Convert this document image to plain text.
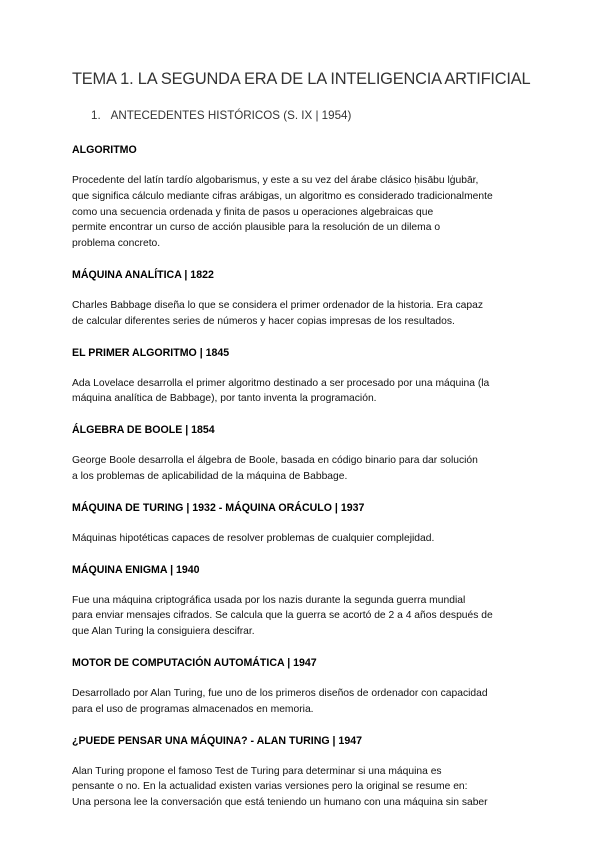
TEMA 1. LA SEGUNDA ERA DE LA INTELIGENCIA ARTIFICIAL
1. ANTECEDENTES HISTÓRICOS (S. IX | 1954)
ALGORITMO
Procedente del latín tardío algobarismus, y este a su vez del árabe clásico ḥisābu lġubār,
que significa cálculo mediante cifras arábigas, un algoritmo es considerado tradicionalmente
como una secuencia ordenada y finita de pasos u operaciones algebraicas que
permite encontrar un curso de acción plausible para la resolución de un dilema o
problema concreto.
MÁQUINA ANALÍTICA | 1822
Charles Babbage diseña lo que se considera el primer ordenador de la historia. Era capaz
de calcular diferentes series de números y hacer copias impresas de los resultados.
EL PRIMER ALGORITMO | 1845
Ada Lovelace desarrolla el primer algoritmo destinado a ser procesado por una máquina (la
máquina analítica de Babbage), por tanto inventa la programación.
ÁLGEBRA DE BOOLE | 1854
George Boole desarrolla el álgebra de Boole, basada en código binario para dar solución
a los problemas de aplicabilidad de la máquina de Babbage.
MÁQUINA DE TURING | 1932 - MÁQUINA ORÁCULO | 1937
Máquinas hipotéticas capaces de resolver problemas de cualquier complejidad.
MÁQUINA ENIGMA | 1940
Fue una máquina criptográfica usada por los nazis durante la segunda guerra mundial
para enviar mensajes cifrados. Se calcula que la guerra se acortó de 2 a 4 años después de
que Alan Turing la consiguiera descifrar.
MOTOR DE COMPUTACIÓN AUTOMÁTICA | 1947
Desarrollado por Alan Turing, fue uno de los primeros diseños de ordenador con capacidad
para el uso de programas almacenados en memoria.
¿PUEDE PENSAR UNA MÁQUINA? - ALAN TURING | 1947
Alan Turing propone el famoso Test de Turing para determinar si una máquina es
pensante o no. En la actualidad existen varias versiones pero la original se resume en:
Una persona lee la conversación que está teniendo un humano con una máquina sin saber
